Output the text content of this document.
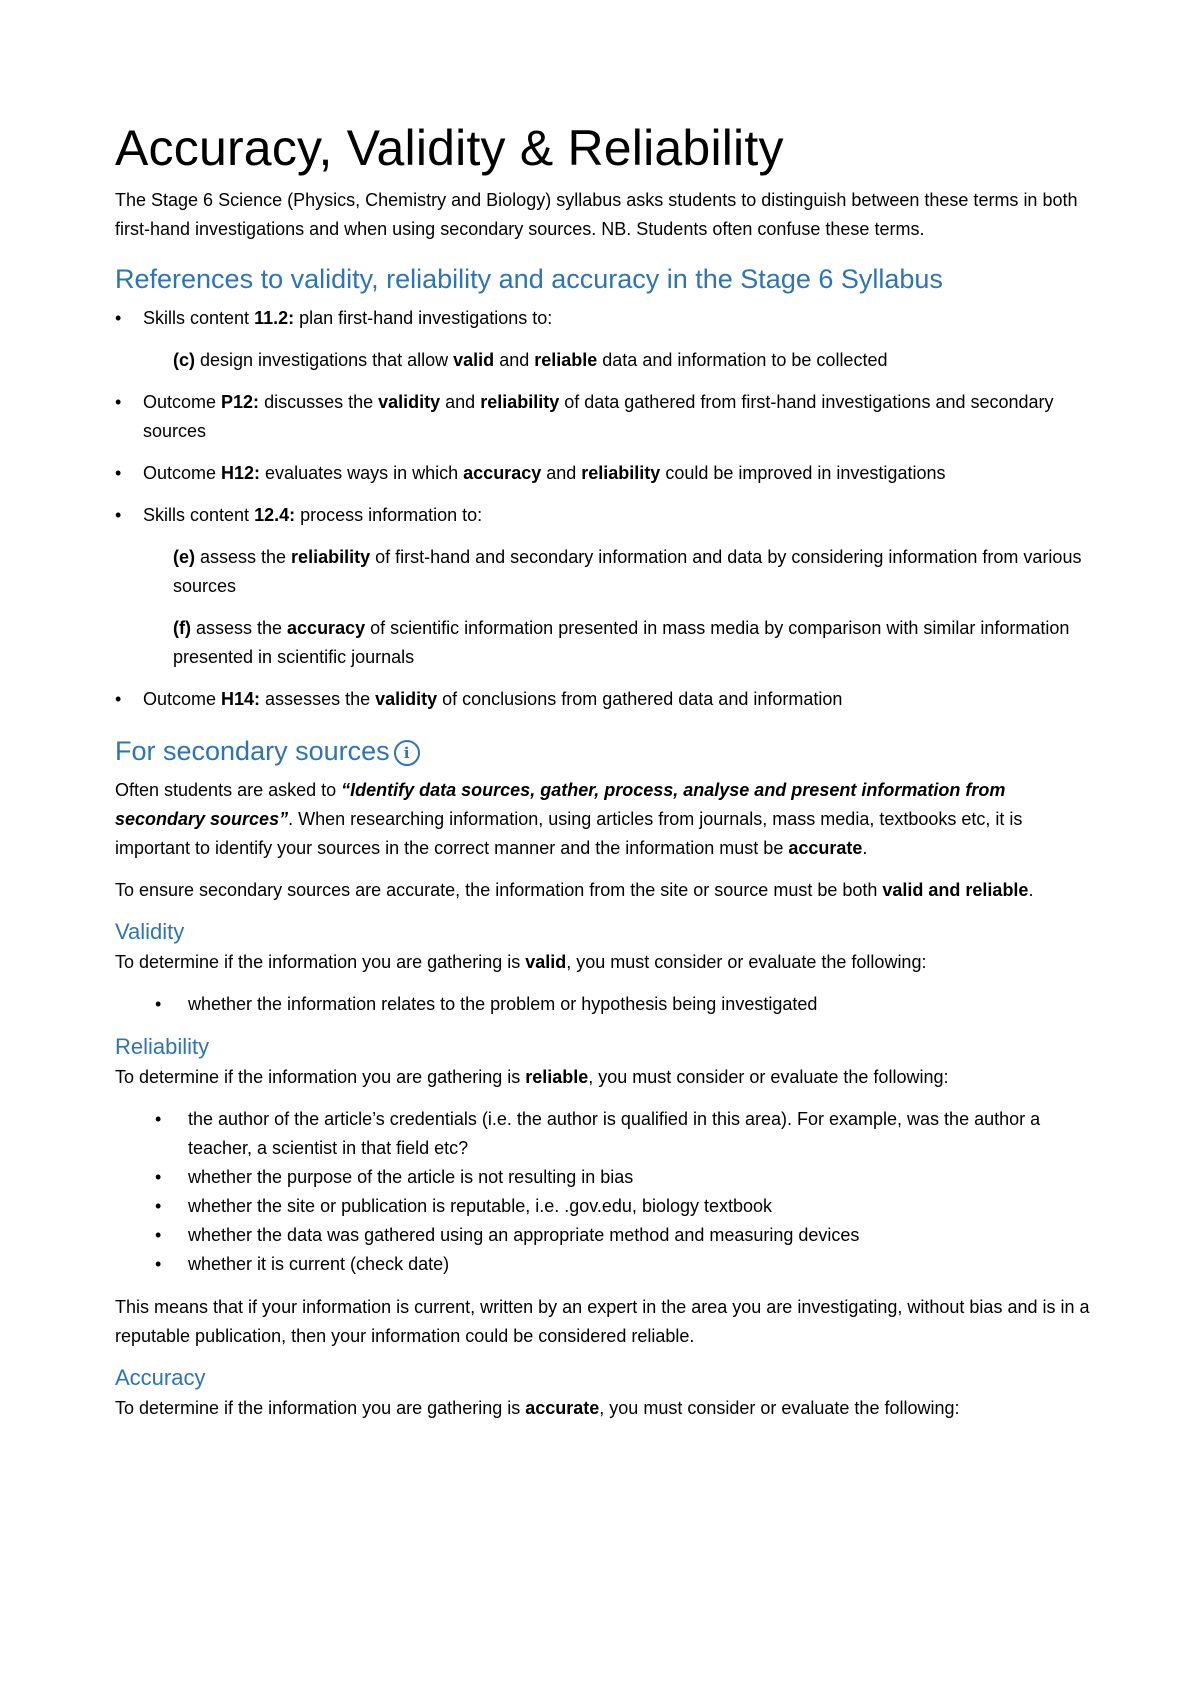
Accuracy, Validity & Reliability

The Stage 6 Science (Physics, Chemistry and Biology) syllabus asks students to distinguish between these terms in both first-hand investigations and when using secondary sources. NB. Students often confuse these terms.

References to validity, reliability and accuracy in the Stage 6 Syllabus
• Skills content 11.2: plan first-hand investigations to:

(c) design investigations that allow valid and reliable data and information to be collected

• Outcome P12: discusses the validity and reliability of data gathered from first-hand investigations and secondary sources
• Outcome H12: evaluates ways in which accuracy and reliability could be improved in investigations
• Skills content 12.4: process information to:

(e) assess the reliability of first-hand and secondary information and data by considering information from various sources

(f) assess the accuracy of scientific information presented in mass media by comparison with similar information presented in scientific journals

• Outcome H14: assesses the validity of conclusions from gathered data and information
For secondary sources i

Often students are asked to “Identify data sources, gather, process, analyse and present information from secondary sources”. When researching information, using articles from journals, mass media, textbooks etc, it is important to identify your sources in the correct manner and the information must be accurate.

To ensure secondary sources are accurate, the information from the site or source must be both valid and reliable.

Validity

To determine if the information you are gathering is valid, you must consider or evaluate the following:

• whether the information relates to the problem or hypothesis being investigated
Reliability

To determine if the information you are gathering is reliable, you must consider or evaluate the following:

• the author of the article’s credentials (i.e. the author is qualified in this area). For example, was the author a teacher, a scientist in that field etc?
• whether the purpose of the article is not resulting in bias
• whether the site or publication is reputable, i.e. .gov.edu, biology textbook
• whether the data was gathered using an appropriate method and measuring devices
• whether it is current (check date)

This means that if your information is current, written by an expert in the area you are investigating, without bias and is in a reputable publication, then your information could be considered reliable.

Accuracy

To determine if the information you are gathering is accurate, you must consider or evaluate the following:
